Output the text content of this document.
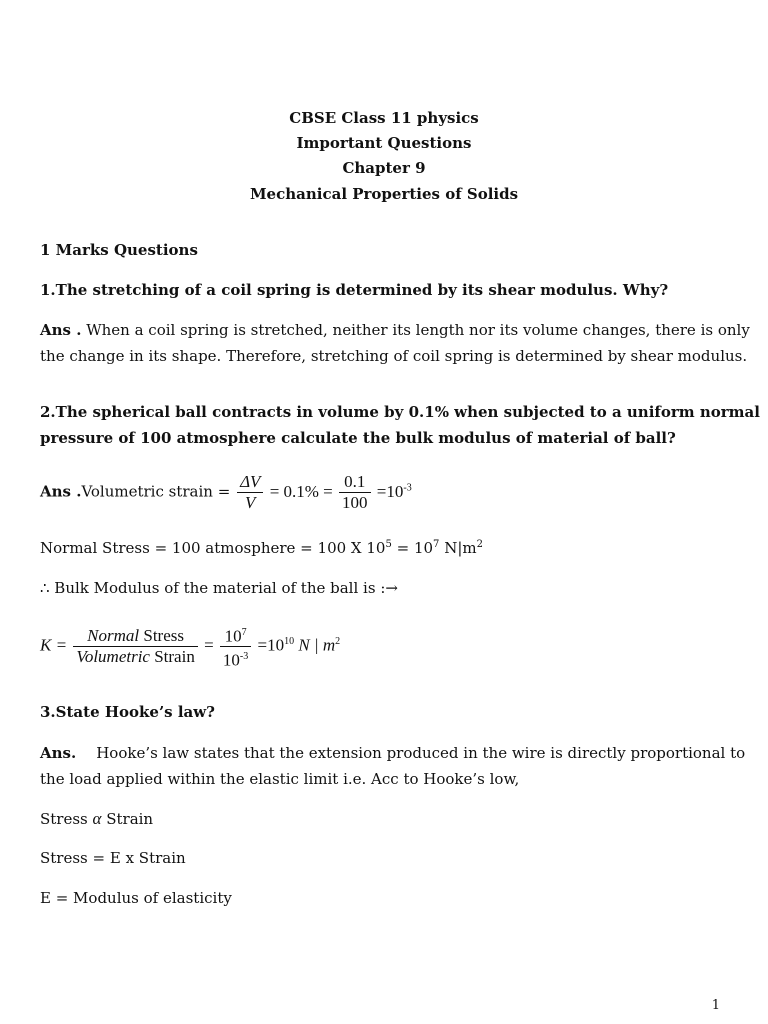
CBSE Class 11 physics
Important Questions
Chapter 9
Mechanical Properties of Solids
1 Marks Questions
1.The stretching of a coil spring is determined by its shear modulus. Why?
Ans . When a coil spring is stretched, neither its length nor its volume changes, there is only
the change in its shape. Therefore, stretching of coil spring is determined by shear modulus.
2.The spherical ball contracts in volume by 0.1% when subjected to a uniform normal
pressure of 100 atmosphere calculate the bulk modulus of material of ball?
Ans .Volumetric strain = $\frac{\Delta V}{V} = 0.1\% = \frac{0.1}{100} =10^{-3}$
Normal Stress = 100 atmosphere = 100 X $10^5 = 10^7$ $N|m^2$
∴ Bulk Modulus of the material of the ball is :→
$K = \frac{\text{Normal Stress}}{\text{Volumetric Strain}} = \frac{10^7}{10^{-3}} =10^{10}$ N | $m^2$
3.State Hooke’s law?
Ans. Hooke’s law states that the extension produced in the wire is directly proportional to
the load applied within the elastic limit i.e. Acc to Hooke’s low,
Stress α Strain
Stress = E x Strain
E = Modulus of elasticity
1
